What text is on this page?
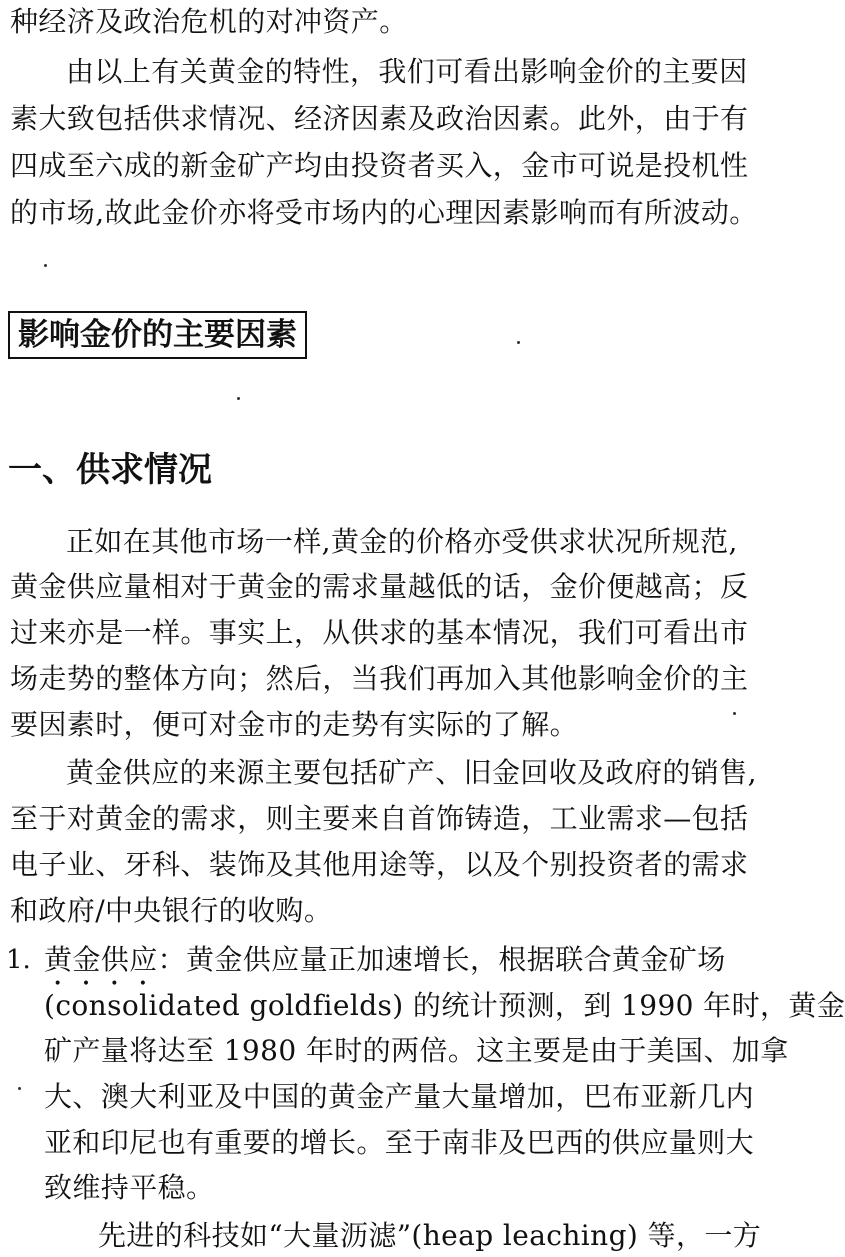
种经济及政治危机的对冲资产。
由以上有关黄金的特性，我们可看出影响金价的主要因
素大致包括供求情况、经济因素及政治因素。此外，由于有
四成至六成的新金矿产均由投资者买入，金市可说是投机性
的市场,故此金价亦将受市场内的心理因素影响而有所波动。
影响金价的主要因素
一、供求情况
正如在其他市场一样,黄金的价格亦受供求状况所规范,
黄金供应量相对于黄金的需求量越低的话，金价便越高；反
过来亦是一样。事实上，从供求的基本情况，我们可看出市
场走势的整体方向；然后，当我们再加入其他影响金价的主
要因素时，便可对金市的走势有实际的了解。
黄金供应的来源主要包括矿产、旧金回收及政府的销售,
至于对黄金的需求，则主要来自首饰铸造，工业需求—包括
电子业、牙科、装饰及其他用途等，以及个别投资者的需求
和政府/中央银行的收购。
1. 黄金供应：黄金供应量正加速增长，根据联合黄金矿场
(consolidated goldfields) 的统计预测，到 1990 年时，黄金
矿产量将达至 1980 年时的两倍。这主要是由于美国、加拿
大、澳大利亚及中国的黄金产量大量增加，巴布亚新几内
亚和印尼也有重要的增长。至于南非及巴西的供应量则大
致维持平稳。
先进的科技如“大量沥滤”(heap leaching) 等，一方
